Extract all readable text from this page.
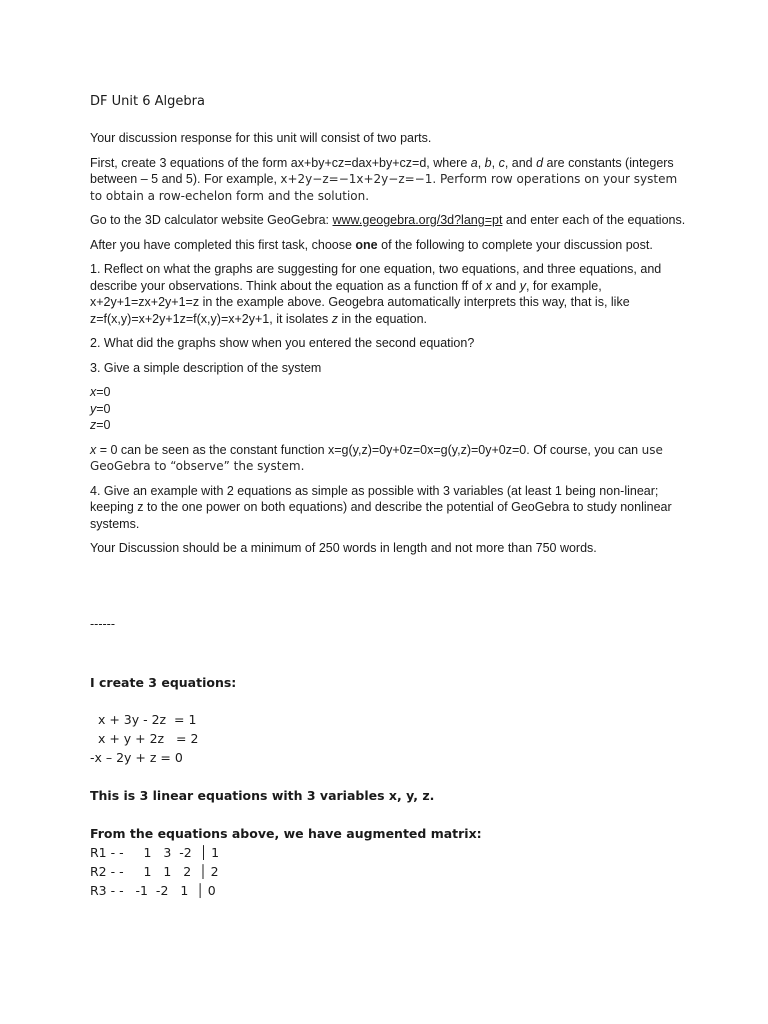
DF Unit 6 Algebra

Your discussion response for this unit will consist of two parts.

First, create 3 equations of the form ax+by+cz=dax+by+cz=d, where a, b, c, and d are constants (integers between – 5 and 5). For example, x+2y−z=−1x+2y−z=−1. Perform row operations on your system to obtain a row-echelon form and the solution.

Go to the 3D calculator website GeoGebra: www.geogebra.org/3d?lang=pt and enter each of the equations.

After you have completed this first task, choose one of the following to complete your discussion post.

1. Reflect on what the graphs are suggesting for one equation, two equations, and three equations, and describe your observations. Think about the equation as a function ff of x and y, for example, x+2y+1=zx+2y+1=z in the example above. Geogebra automatically interprets this way, that is, like z=f(x,y)=x+2y+1z=f(x,y)=x+2y+1, it isolates z in the equation.

2. What did the graphs show when you entered the second equation?

3. Give a simple description of the system

x=0

y=0

z=0

x = 0 can be seen as the constant function x=g(y,z)=0y+0z=0x=g(y,z)=0y+0z=0. Of course, you can use GeoGebra to “observe” the system.

4. Give an example with 2 equations as simple as possible with 3 variables (at least 1 being non-linear; keeping z to the one power on both equations) and describe the potential of GeoGebra to study nonlinear systems.

Your Discussion should be a minimum of 250 words in length and not more than 750 words.

------
I create 3 equations:
x + 3y - 2z  = 1
x + y + 2z   = 2
-x – 2y + z = 0
This is 3 linear equations with 3 variables x, y, z.
From the equations above, we have augmented matrix:
R1 - -     1   3  -2  │ 1
R2 - -     1   1   2  │ 2
R3 - -   -1  -2   1  │ 0
